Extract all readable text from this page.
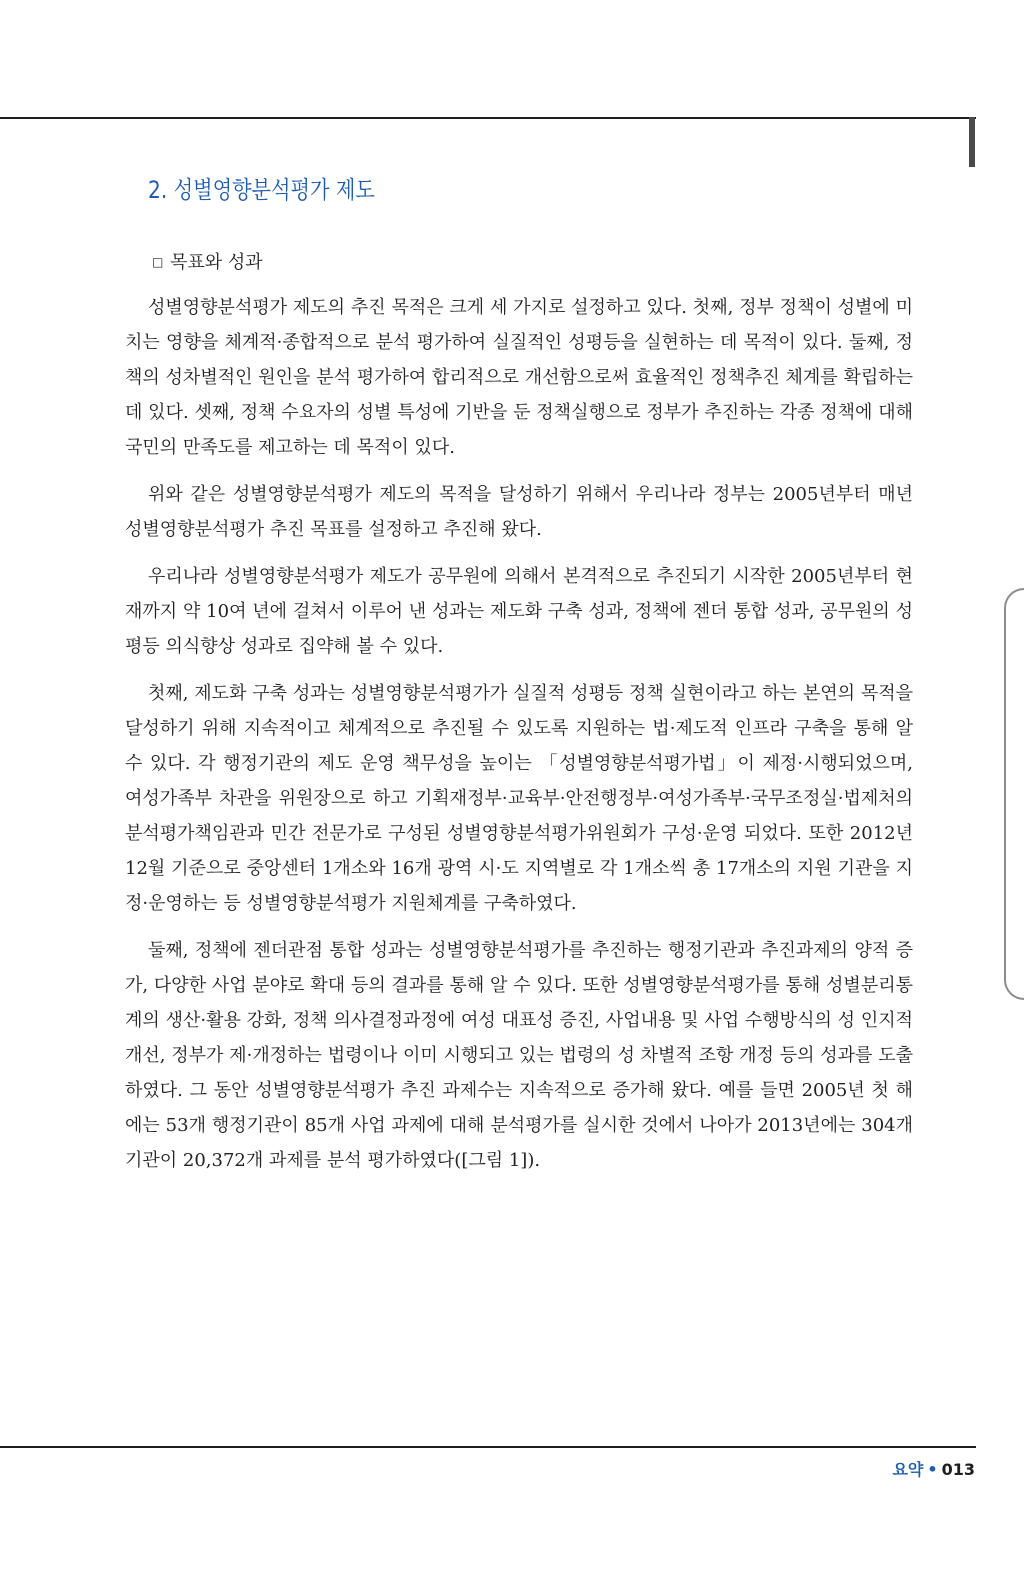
2. 성별영향분석평가 제도
□ 목표와 성과

성별영향분석평가 제도의 추진 목적은 크게 세 가지로 설정하고 있다. 첫째, 정부 정책이 성별에 미치는 영향을 체계적·종합적으로 분석 평가하여 실질적인 성평등을 실현하는 데 목적이 있다. 둘째, 정책의 성차별적인 원인을 분석 평가하여 합리적으로 개선함으로써 효율적인 정책추진 체계를 확립하는데 있다. 셋째, 정책 수요자의 성별 특성에 기반을 둔 정책실행으로 정부가 추진하는 각종 정책에 대해 국민의 만족도를 제고하는 데 목적이 있다.

위와 같은 성별영향분석평가 제도의 목적을 달성하기 위해서 우리나라 정부는 2005년부터 매년 성별영향분석평가 추진 목표를 설정하고 추진해 왔다.

우리나라 성별영향분석평가 제도가 공무원에 의해서 본격적으로 추진되기 시작한 2005년부터 현재까지 약 10여 년에 걸쳐서 이루어 낸 성과는 제도화 구축 성과, 정책에 젠더 통합 성과, 공무원의 성평등 의식향상 성과로 집약해 볼 수 있다.

첫째, 제도화 구축 성과는 성별영향분석평가가 실질적 성평등 정책 실현이라고 하는 본연의 목적을 달성하기 위해 지속적이고 체계적으로 추진될 수 있도록 지원하는 법·제도적 인프라 구축을 통해 알 수 있다. 각 행정기관의 제도 운영 책무성을 높이는 「성별영향분석평가법」이 제정·시행되었으며, 여성가족부 차관을 위원장으로 하고 기획재정부·교육부·안전행정부·여성가족부·국무조정실·법제처의 분석평가책임관과 민간 전문가로 구성된 성별영향분석평가위원회가 구성·운영 되었다. 또한 2012년 12월 기준으로 중앙센터 1개소와 16개 광역 시·도 지역별로 각 1개소씩 총 17개소의 지원 기관을 지정·운영하는 등 성별영향분석평가 지원체계를 구축하였다.

둘째, 정책에 젠더관점 통합 성과는 성별영향분석평가를 추진하는 행정기관과 추진과제의 양적 증가, 다양한 사업 분야로 확대 등의 결과를 통해 알 수 있다. 또한 성별영향분석평가를 통해 성별분리통계의 생산·활용 강화, 정책 의사결정과정에 여성 대표성 증진, 사업내용 및 사업 수행방식의 성 인지적 개선, 정부가 제·개정하는 법령이나 이미 시행되고 있는 법령의 성 차별적 조항 개정 등의 성과를 도출하였다. 그 동안 성별영향분석평가 추진 과제수는 지속적으로 증가해 왔다. 예를 들면 2005년 첫 해에는 53개 행정기관이 85개 사업 과제에 대해 분석평가를 실시한 것에서 나아가 2013년에는 304개 기관이 20,372개 과제를 분석 평가하였다([그림 1]).

요약 • 013
